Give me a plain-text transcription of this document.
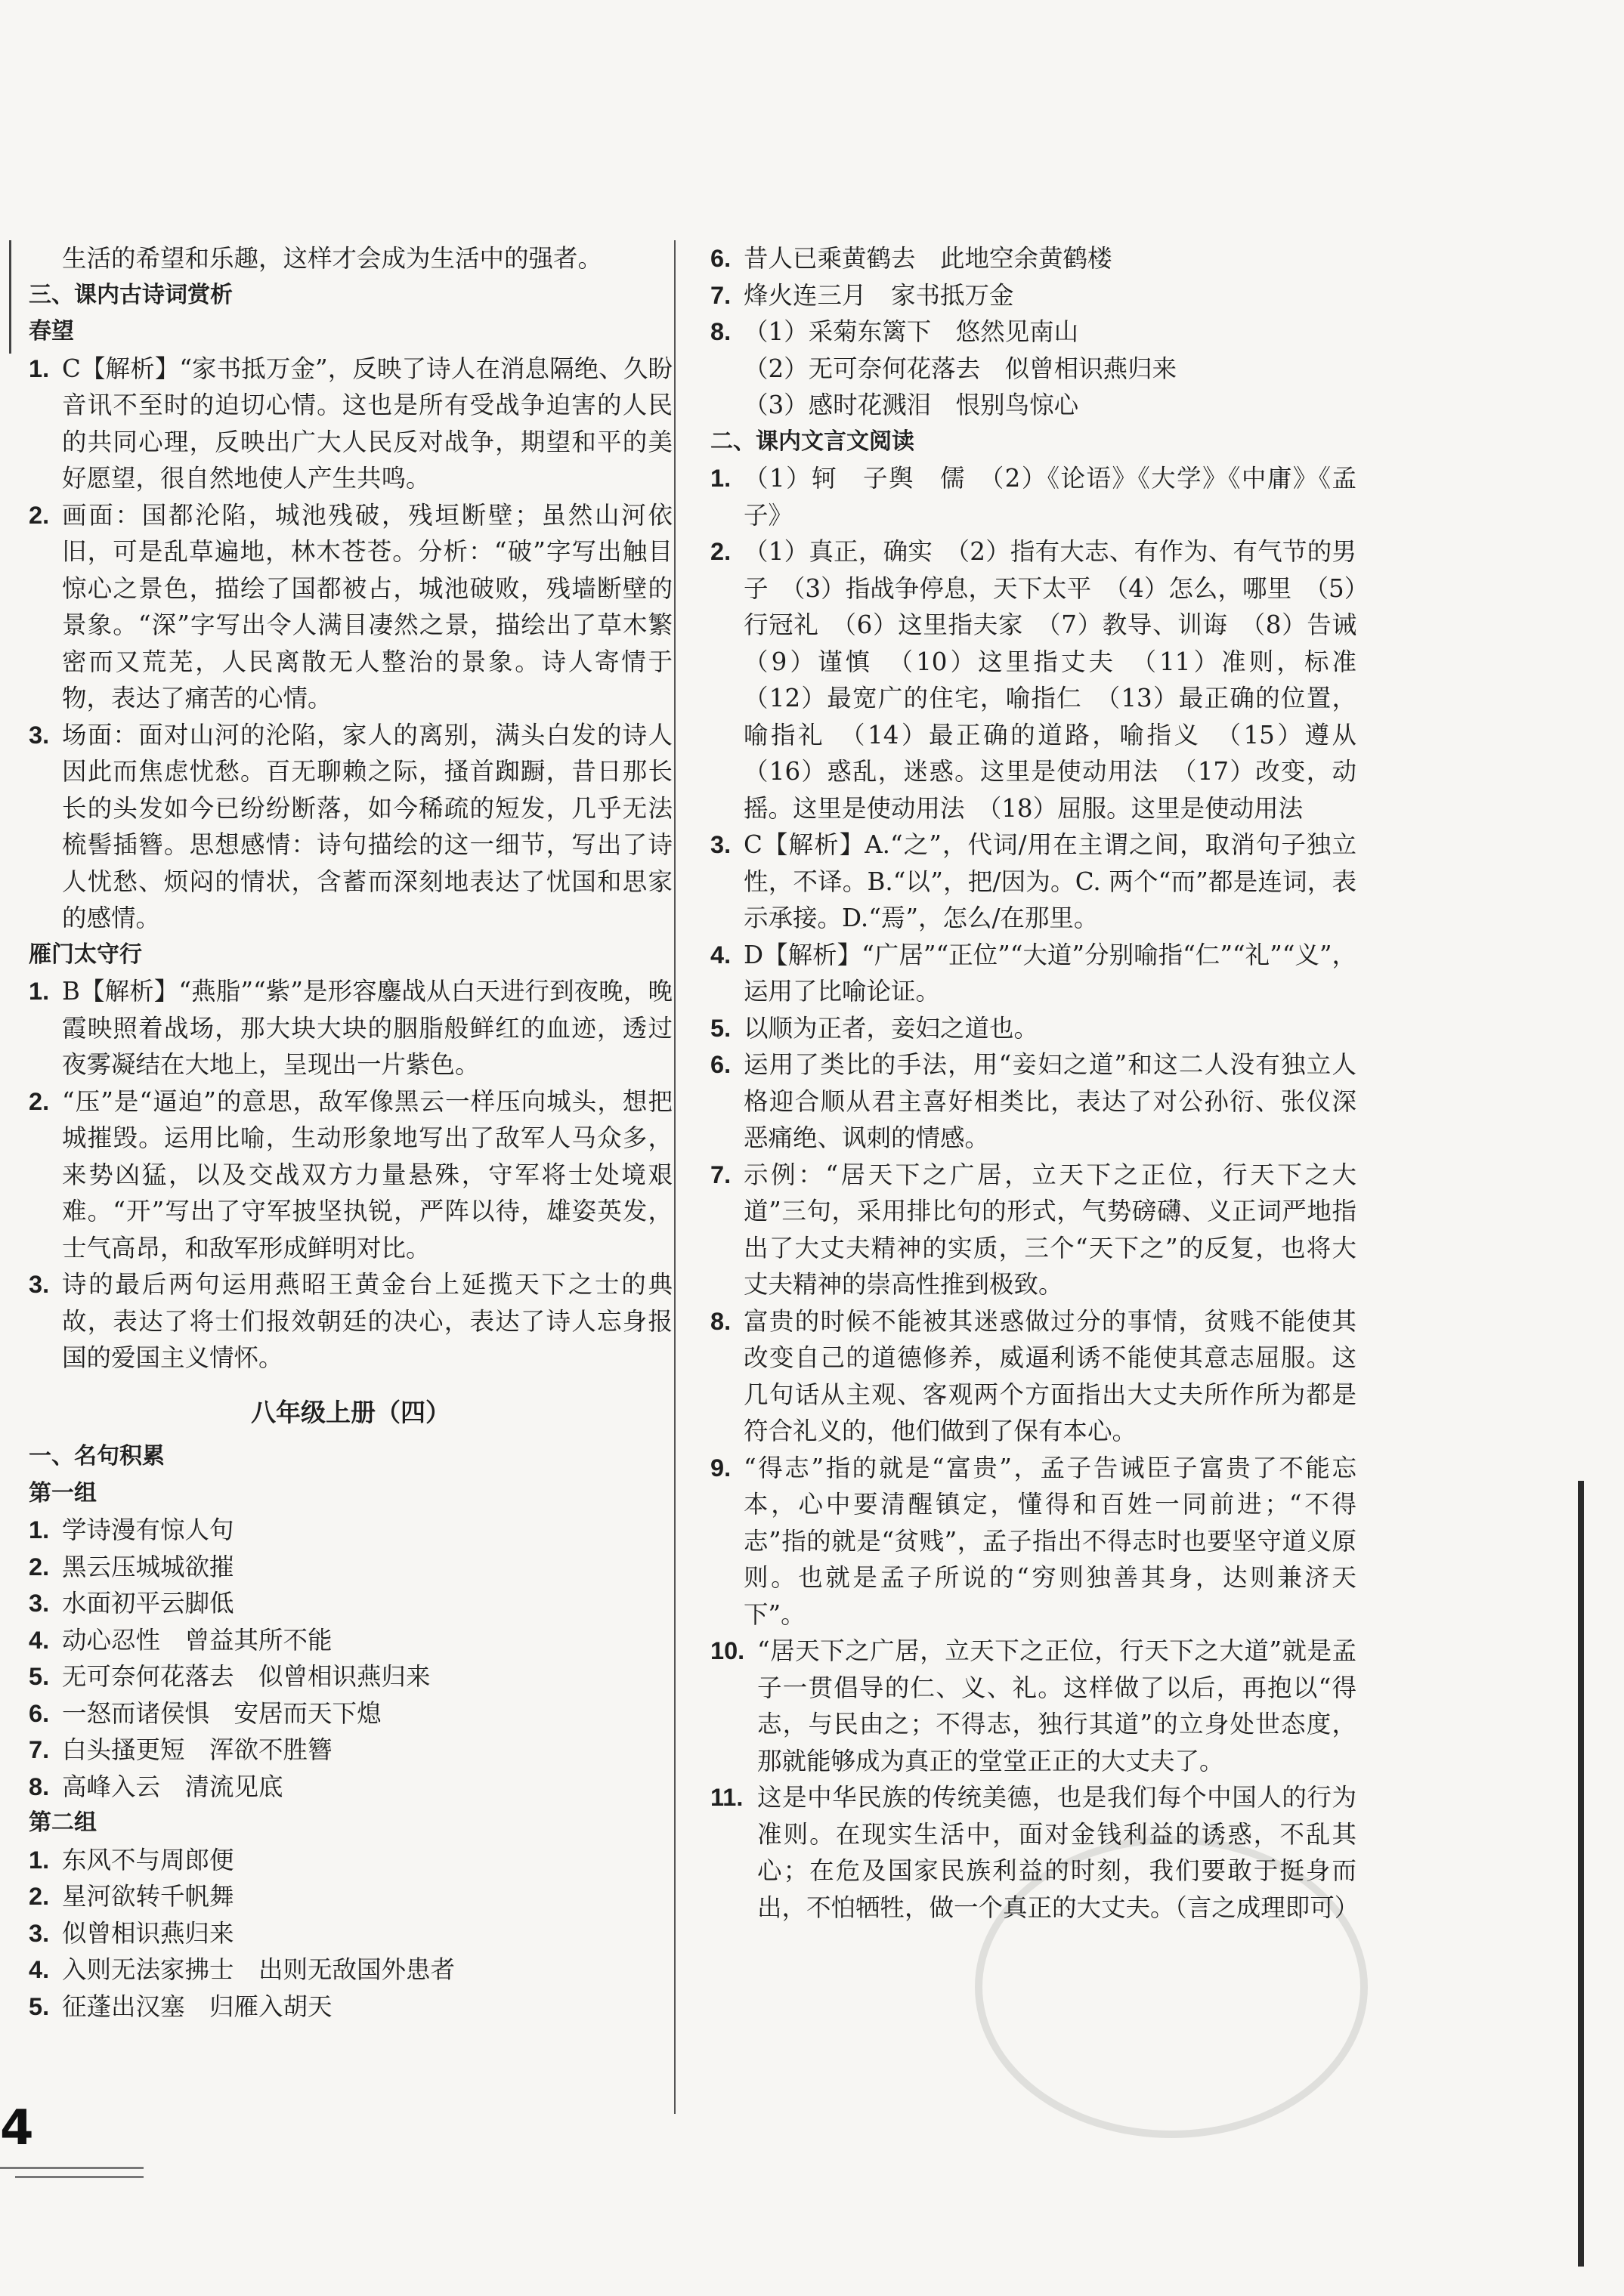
生活的希望和乐趣，这样才会成为生活中的强者。
三、课内古诗词赏析
春望
1. C【解析】“家书抵万金”，反映了诗人在消息隔绝、久盼音讯不至时的迫切心情。这也是所有受战争迫害的人民的共同心理，反映出广大人民反对战争，期望和平的美好愿望，很自然地使人产生共鸣。
2. 画面：国都沦陷，城池残破，残垣断壁；虽然山河依旧，可是乱草遍地，林木苍苍。分析：“破”字写出触目惊心之景色，描绘了国都被占，城池破败，残墙断壁的景象。“深”字写出令人满目凄然之景，描绘出了草木繁密而又荒芜，人民离散无人整治的景象。诗人寄情于物，表达了痛苦的心情。
3. 场面：面对山河的沦陷，家人的离别，满头白发的诗人因此而焦虑忧愁。百无聊赖之际，搔首踟蹰，昔日那长长的头发如今已纷纷断落，如今稀疏的短发，几乎无法梳髻插簪。思想感情：诗句描绘的这一细节，写出了诗人忧愁、烦闷的情状，含蓄而深刻地表达了忧国和思家的感情。
雁门太守行
1. B【解析】“燕脂”“紫”是形容鏖战从白天进行到夜晚，晚霞映照着战场，那大块大块的胭脂般鲜红的血迹，透过夜雾凝结在大地上，呈现出一片紫色。
2. “压”是“逼迫”的意思，敌军像黑云一样压向城头，想把城摧毁。运用比喻，生动形象地写出了敌军人马众多，来势凶猛，以及交战双方力量悬殊，守军将士处境艰难。“开”写出了守军披坚执锐，严阵以待，雄姿英发，士气高昂，和敌军形成鲜明对比。
3. 诗的最后两句运用燕昭王黄金台上延揽天下之士的典故，表达了将士们报效朝廷的决心，表达了诗人忘身报国的爱国主义情怀。
八年级上册（四）
一、名句积累
第一组
1. 学诗漫有惊人句
2. 黑云压城城欲摧
3. 水面初平云脚低
4. 动心忍性　曾益其所不能
5. 无可奈何花落去　似曾相识燕归来
6. 一怒而诸侯惧　安居而天下熄
7. 白头搔更短　浑欲不胜簪
8. 高峰入云　清流见底
第二组
1. 东风不与周郎便
2. 星河欲转千帆舞
3. 似曾相识燕归来
4. 入则无法家拂士　出则无敌国外患者
5. 征蓬出汉塞　归雁入胡天
6. 昔人已乘黄鹤去　此地空余黄鹤楼
7. 烽火连三月　家书抵万金
8. （1）采菊东篱下　悠然见南山
（2）无可奈何花落去　似曾相识燕归来
（3）感时花溅泪　恨别鸟惊心
二、课内文言文阅读
1. （1）轲　子舆　儒　（2）《论语》《大学》《中庸》《孟子》
2. （1）真正，确实　（2）指有大志、有作为、有气节的男子　（3）指战争停息，天下太平　（4）怎么，哪里　（5）行冠礼　（6）这里指夫家　（7）教导、训诲　（8）告诫　（9）谨慎　（10）这里指丈夫　（11）准则，标准　（12）最宽广的住宅，喻指仁　（13）最正确的位置，喻指礼　（14）最正确的道路，喻指义　（15）遵从　（16）惑乱，迷惑。这里是使动用法　（17）改变，动摇。这里是使动用法　（18）屈服。这里是使动用法
3. C【解析】A.“之”，代词/用在主谓之间，取消句子独立性，不译。B.“以”，把/因为。C. 两个“而”都是连词，表示承接。D.“焉”，怎么/在那里。
4. D【解析】“广居”“正位”“大道”分别喻指“仁”“礼”“义”，运用了比喻论证。
5. 以顺为正者，妾妇之道也。
6. 运用了类比的手法，用“妾妇之道”和这二人没有独立人格迎合顺从君主喜好相类比，表达了对公孙衍、张仪深恶痛绝、讽刺的情感。
7. 示例：“居天下之广居，立天下之正位，行天下之大道”三句，采用排比句的形式，气势磅礴、义正词严地指出了大丈夫精神的实质，三个“天下之”的反复，也将大丈夫精神的崇高性推到极致。
8. 富贵的时候不能被其迷惑做过分的事情，贫贱不能使其改变自己的道德修养，威逼利诱不能使其意志屈服。这几句话从主观、客观两个方面指出大丈夫所作所为都是符合礼义的，他们做到了保有本心。
9. “得志”指的就是“富贵”，孟子告诫臣子富贵了不能忘本，心中要清醒镇定，懂得和百姓一同前进；“不得志”指的就是“贫贱”，孟子指出不得志时也要坚守道义原则。也就是孟子所说的“穷则独善其身，达则兼济天下”。
10. “居天下之广居，立天下之正位，行天下之大道”就是孟子一贯倡导的仁、义、礼。这样做了以后，再抱以“得志，与民由之；不得志，独行其道”的立身处世态度，那就能够成为真正的堂堂正正的大丈夫了。
11. 这是中华民族的传统美德，也是我们每个中国人的行为准则。在现实生活中，面对金钱利益的诱惑，不乱其心；在危及国家民族利益的时刻，我们要敢于挺身而出，不怕牺牲，做一个真正的大丈夫。（言之成理即可）
4
